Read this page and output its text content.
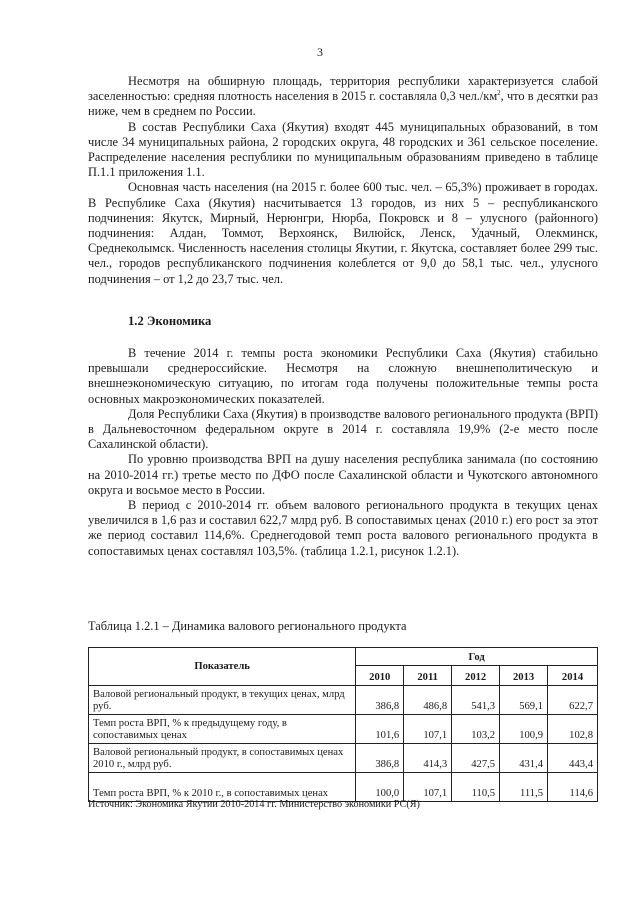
3

Несмотря на обширную площадь, территория республики характеризуется слабой заселенностью: средняя плотность населения в 2015 г. составляла 0,3 $чел./км^2$, что в десятки раз ниже, чем в среднем по России.

В состав Республики Саха (Якутия) входят 445 муниципальных образований, в том числе 34 муниципальных района, 2 городских округа, 48 городских и 361 сельское поселение. Распределение населения республики по муниципальным образованиям приведено в таблице П.1.1 приложения 1.1.

Основная часть населения (на 2015 г. более 600 тыс. чел. – 65,3%) проживает в городах. В Республике Саха (Якутия) насчитывается 13 городов, из них 5 – республиканского подчинения: Якутск, Мирный, Нерюнгри, Нюрба, Покровск и 8 – улусного (районного) подчинения: Алдан, Томмот, Верхоянск, Вилюйск, Ленск, Удачный, Олекминск, Среднеколымск. Численность населения столицы Якутии, г. Якутска, составляет более 299 тыс. чел., городов республиканского подчинения колеблется от 9,0 до 58,1 тыс. чел., улусного подчинения – от 1,2 до 23,7 тыс. чел.

1.2 Экономика

В течение 2014 г. темпы роста экономики Республики Саха (Якутия) стабильно превышали среднероссийские. Несмотря на сложную внешнеполитическую и внешнеэкономическую ситуацию, по итогам года получены положительные темпы роста основных макроэкономических показателей.

Доля Республики Саха (Якутия) в производстве валового регионального продукта (ВРП) в Дальневосточном федеральном округе в 2014 г. составляла 19,9% (2-е место после Сахалинской области).

По уровню производства ВРП на душу населения республика занимала (по состоянию на 2010-2014 гг.) третье место по ДФО после Сахалинской области и Чукотского автономного округа и восьмое место в России.

В период с 2010-2014 гг. объем валового регионального продукта в текущих ценах увеличился в 1,6 раз и составил 622,7 млрд руб. В сопоставимых ценах (2010 г.) его рост за этот же период составил 114,6%. Среднегодовой темп роста валового регионального продукта в сопоставимых ценах составлял 103,5%. (таблица 1.2.1, рисунок 1.2.1).

Таблица 1.2.1 – Динамика валового регионального продукта
Показатель	Год				
	2010	2011	2012	2013	2014
Валовой региональный продукт, в текущих ценах, млрд руб.	386,8	486,8	541,3	569,1	622,7
Темп роста ВРП, % к предыдущему году, в сопоставимых ценах	101,6	107,1	103,2	100,9	102,8
Валовой региональный продукт, в сопоставимых ценах 2010 г., млрд руб.	386,8	414,3	427,5	431,4	443,4
Темп роста ВРП, % к 2010 г., в сопоставимых ценах	100,0	107,1	110,5	111,5	114,6
Источник: Экономика Якутии 2010-2014 гг. Министерство экономики РС(Я)
